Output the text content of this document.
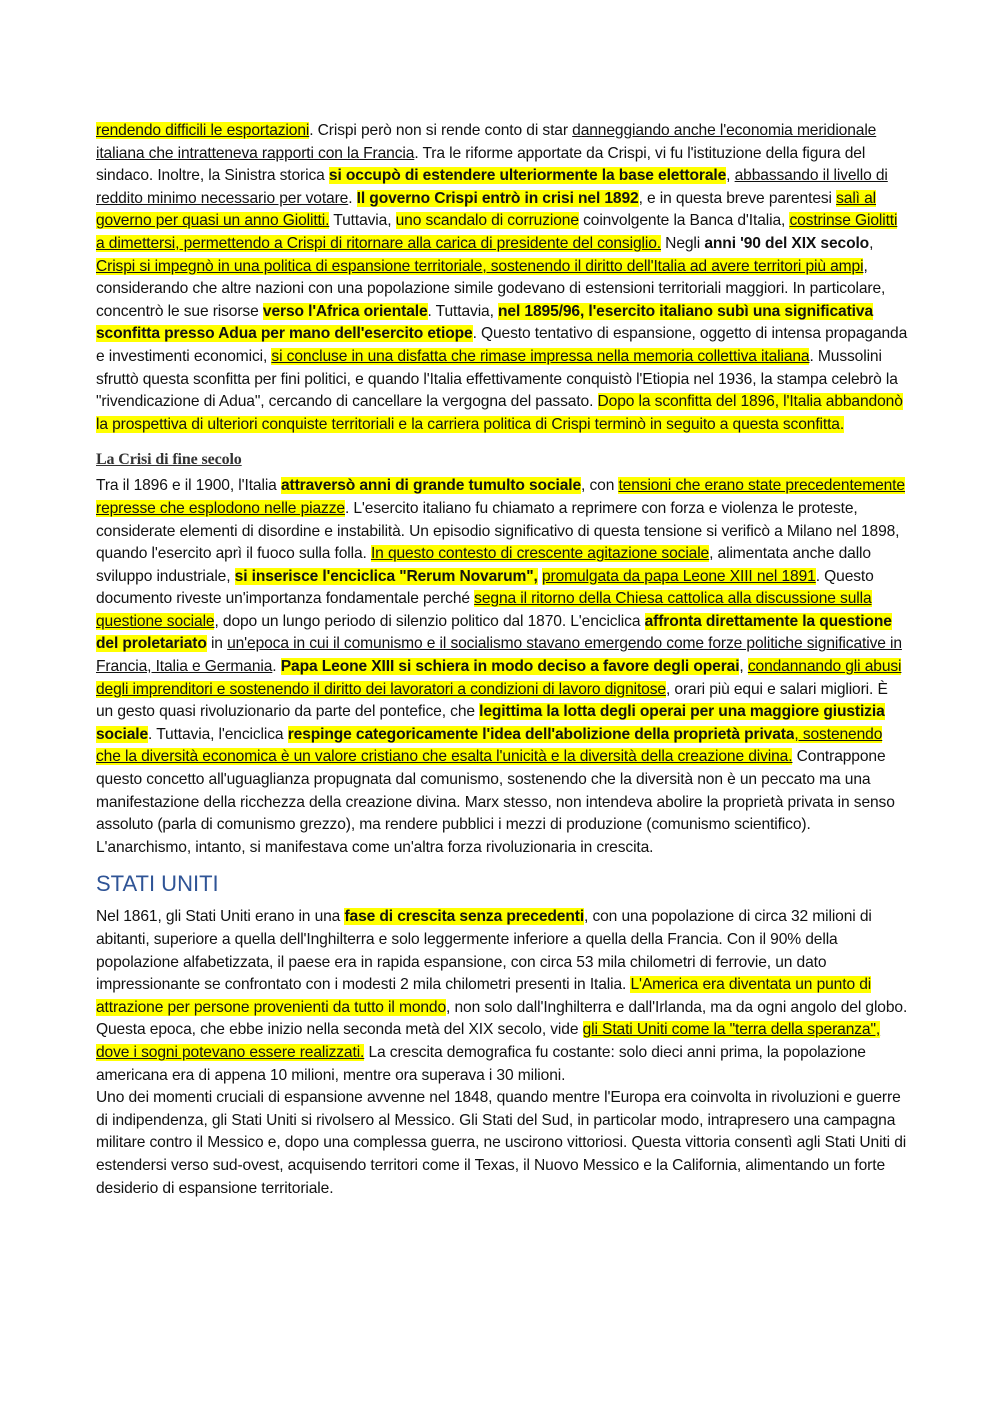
rendendo difficili le esportazioni. Crispi però non si rende conto di star danneggiando anche l'economia meridionale italiana che intratteneva rapporti con la Francia. Tra le riforme apportate da Crispi, vi fu l'istituzione della figura del sindaco. Inoltre, la Sinistra storica si occupò di estendere ulteriormente la base elettorale, abbassando il livello di reddito minimo necessario per votare. Il governo Crispi entrò in crisi nel 1892, e in questa breve parentesi salì al governo per quasi un anno Giolitti. Tuttavia, uno scandalo di corruzione coinvolgente la Banca d'Italia, costrinse Giolitti a dimettersi, permettendo a Crispi di ritornare alla carica di presidente del consiglio. Negli anni '90 del XIX secolo, Crispi si impegnò in una politica di espansione territoriale, sostenendo il diritto dell'Italia ad avere territori più ampi, considerando che altre nazioni con una popolazione simile godevano di estensioni territoriali maggiori. In particolare, concentrò le sue risorse verso l'Africa orientale. Tuttavia, nel 1895/96, l'esercito italiano subì una significativa sconfitta presso Adua per mano dell'esercito etiope. Questo tentativo di espansione, oggetto di intensa propaganda e investimenti economici, si concluse in una disfatta che rimase impressa nella memoria collettiva italiana. Mussolini sfruttò questa sconfitta per fini politici, e quando l'Italia effettivamente conquistò l'Etiopia nel 1936, la stampa celebrò la "rivendicazione di Adua", cercando di cancellare la vergogna del passato. Dopo la sconfitta del 1896, l'Italia abbandonò la prospettiva di ulteriori conquiste territoriali e la carriera politica di Crispi terminò in seguito a questa sconfitta.

La Crisi di fine secolo

Tra il 1896 e il 1900, l'Italia attraversò anni di grande tumulto sociale, con tensioni che erano state precedentemente represse che esplodono nelle piazze. L'esercito italiano fu chiamato a reprimere con forza e violenza le proteste, considerate elementi di disordine e instabilità. Un episodio significativo di questa tensione si verificò a Milano nel 1898, quando l'esercito aprì il fuoco sulla folla. In questo contesto di crescente agitazione sociale, alimentata anche dallo sviluppo industriale, si inserisce l'enciclica "Rerum Novarum", promulgata da papa Leone XIII nel 1891. Questo documento riveste un'importanza fondamentale perché segna il ritorno della Chiesa cattolica alla discussione sulla questione sociale, dopo un lungo periodo di silenzio politico dal 1870. L'enciclica affronta direttamente la questione del proletariato in un'epoca in cui il comunismo e il socialismo stavano emergendo come forze politiche significative in Francia, Italia e Germania. Papa Leone XIII si schiera in modo deciso a favore degli operai, condannando gli abusi degli imprenditori e sostenendo il diritto dei lavoratori a condizioni di lavoro dignitose, orari più equi e salari migliori. È un gesto quasi rivoluzionario da parte del pontefice, che legittima la lotta degli operai per una maggiore giustizia sociale. Tuttavia, l'enciclica respinge categoricamente l'idea dell'abolizione della proprietà privata, sostenendo che la diversità economica è un valore cristiano che esalta l'unicità e la diversità della creazione divina. Contrappone questo concetto all'uguaglianza propugnata dal comunismo, sostenendo che la diversità non è un peccato ma una manifestazione della ricchezza della creazione divina. Marx stesso, non intendeva abolire la proprietà privata in senso assoluto (parla di comunismo grezzo), ma rendere pubblici i mezzi di produzione (comunismo scientifico). L'anarchismo, intanto, si manifestava come un'altra forza rivoluzionaria in crescita.

STATI UNITI

Nel 1861, gli Stati Uniti erano in una fase di crescita senza precedenti, con una popolazione di circa 32 milioni di abitanti, superiore a quella dell'Inghilterra e solo leggermente inferiore a quella della Francia. Con il 90% della popolazione alfabetizzata, il paese era in rapida espansione, con circa 53 mila chilometri di ferrovie, un dato impressionante se confrontato con i modesti 2 mila chilometri presenti in Italia. L'America era diventata un punto di attrazione per persone provenienti da tutto il mondo, non solo dall'Inghilterra e dall'Irlanda, ma da ogni angolo del globo. Questa epoca, che ebbe inizio nella seconda metà del XIX secolo, vide gli Stati Uniti come la "terra della speranza", dove i sogni potevano essere realizzati. La crescita demografica fu costante: solo dieci anni prima, la popolazione americana era di appena 10 milioni, mentre ora superava i 30 milioni.

Uno dei momenti cruciali di espansione avvenne nel 1848, quando mentre l'Europa era coinvolta in rivoluzioni e guerre di indipendenza, gli Stati Uniti si rivolsero al Messico. Gli Stati del Sud, in particolar modo, intrapresero una campagna militare contro il Messico e, dopo una complessa guerra, ne uscirono vittoriosi. Questa vittoria consentì agli Stati Uniti di estendersi verso sud-ovest, acquisendo territori come il Texas, il Nuovo Messico e la California, alimentando un forte desiderio di espansione territoriale.
